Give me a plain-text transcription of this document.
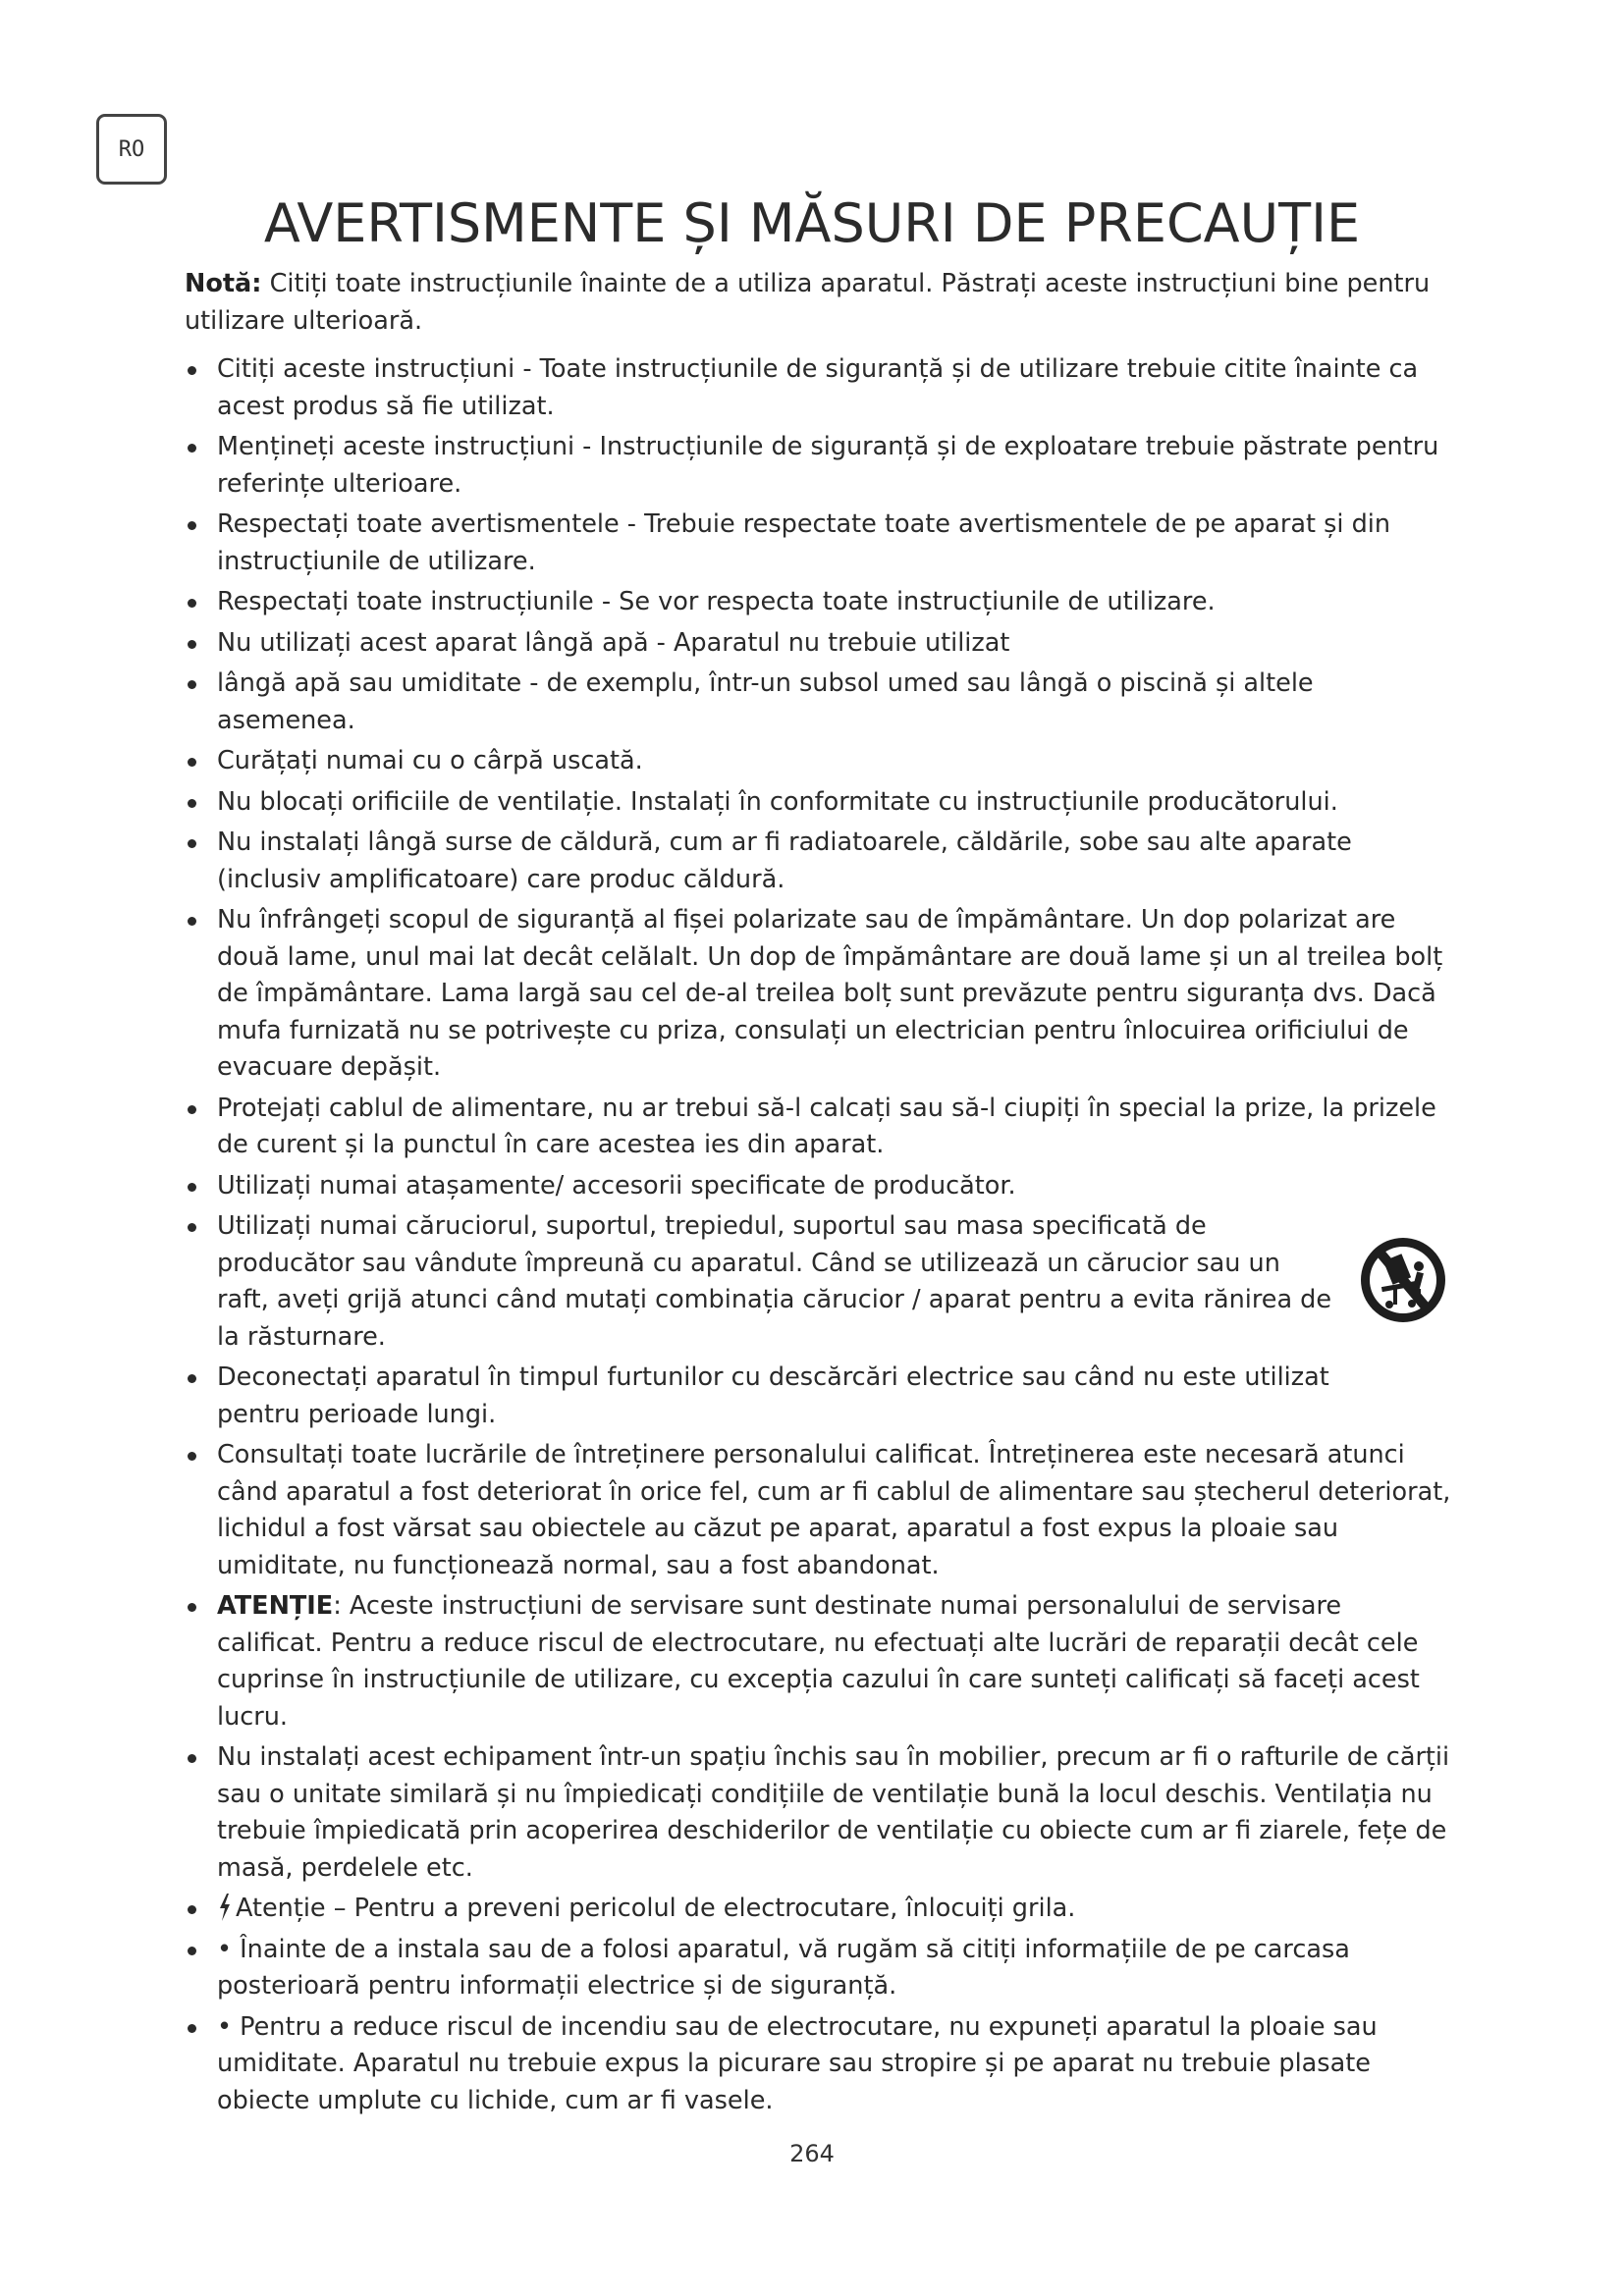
RO
AVERTISMENTE ȘI MĂSURI DE PRECAUȚIE

Notă: Citiți toate instrucțiunile înainte de a utiliza aparatul. Păstrați aceste instrucțiuni bine pentru utilizare ulterioară.

Citiți aceste instrucțiuni - Toate instrucțiunile de siguranță și de utilizare trebuie citite înainte ca acest produs să fie utilizat.
Mențineți aceste instrucțiuni - Instrucțiunile de siguranță și de exploatare trebuie păstrate pentru referințe ulterioare.
Respectați toate avertismentele - Trebuie respectate toate avertismentele de pe aparat și din instrucțiunile de utilizare.
Respectați toate instrucțiunile - Se vor respecta toate instrucțiunile de utilizare.
Nu utilizați acest aparat lângă apă - Aparatul nu trebuie utilizat
lângă apă sau umiditate - de exemplu, într-un subsol umed sau lângă o piscină și altele asemenea.
Curățați numai cu o cârpă uscată.
Nu blocați orificiile de ventilație. Instalați în conformitate cu instrucțiunile producătorului.
Nu instalați lângă surse de căldură, cum ar fi radiatoarele, căldările, sobe sau alte aparate (inclusiv amplificatoare) care produc căldură.
Nu înfrângeți scopul de siguranță al fișei polarizate sau de împământare. Un dop polarizat are două lame, unul mai lat decât celălalt. Un dop de împământare are două lame și un al treilea bolț de împământare. Lama largă sau cel de-al treilea bolț sunt prevăzute pentru siguranța dvs. Dacă mufa furnizată nu se potrivește cu priza, consulați un electrician pentru înlocuirea orificiului de evacuare depășit.
Protejați cablul de alimentare, nu ar trebui să-l calcați sau să-l ciupiți în special la prize, la prizele de curent și la punctul în care acestea ies din aparat.
Utilizați numai atașamente/ accesorii specificate de producător.
Utilizați numai căruciorul, suportul, trepiedul, suportul sau masa specificată de producător sau vândute împreună cu aparatul. Când se utilizează un cărucior sau un raft, aveți grijă atunci când mutați combinația cărucior / aparat pentru a evita rănirea de la răsturnare.
Deconectați aparatul în timpul furtunilor cu descărcări electrice sau când nu este utilizat pentru perioade lungi.
Consultați toate lucrările de întreținere personalului calificat. Întreținerea este necesară atunci când aparatul a fost deteriorat în orice fel, cum ar fi cablul de alimentare sau ștecherul deteriorat, lichidul a fost vărsat sau obiectele au căzut pe aparat, aparatul a fost expus la ploaie sau umiditate, nu funcționează normal, sau a fost abandonat.
ATENȚIE: Aceste instrucțiuni de servisare sunt destinate numai personalului de servisare calificat. Pentru a reduce riscul de electrocutare, nu efectuați alte lucrări de reparații decât cele cuprinse în instrucțiunile de utilizare, cu excepția cazului în care sunteți calificați să faceți acest lucru.
Nu instalați acest echipament într-un spațiu închis sau în mobilier, precum ar fi o rafturile de cărții sau o unitate similară și nu împiedicați condițiile de ventilație bună la locul deschis. Ventilația nu trebuie împiedicată prin acoperirea deschiderilor de ventilație cu obiecte cum ar fi ziarele, fețe de masă, perdelele etc.
Atenție – Pentru a preveni pericolul de electrocutare, înlocuiți grila.
• Înainte de a instala sau de a folosi aparatul, vă rugăm să citiți informațiile de pe carcasa posterioară pentru informații electrice și de siguranță.
• Pentru a reduce riscul de incendiu sau de electrocutare, nu expuneți aparatul la ploaie sau umiditate. Aparatul nu trebuie expus la picurare sau stropire și pe aparat nu trebuie plasate obiecte umplute cu lichide, cum ar fi vasele.
264
